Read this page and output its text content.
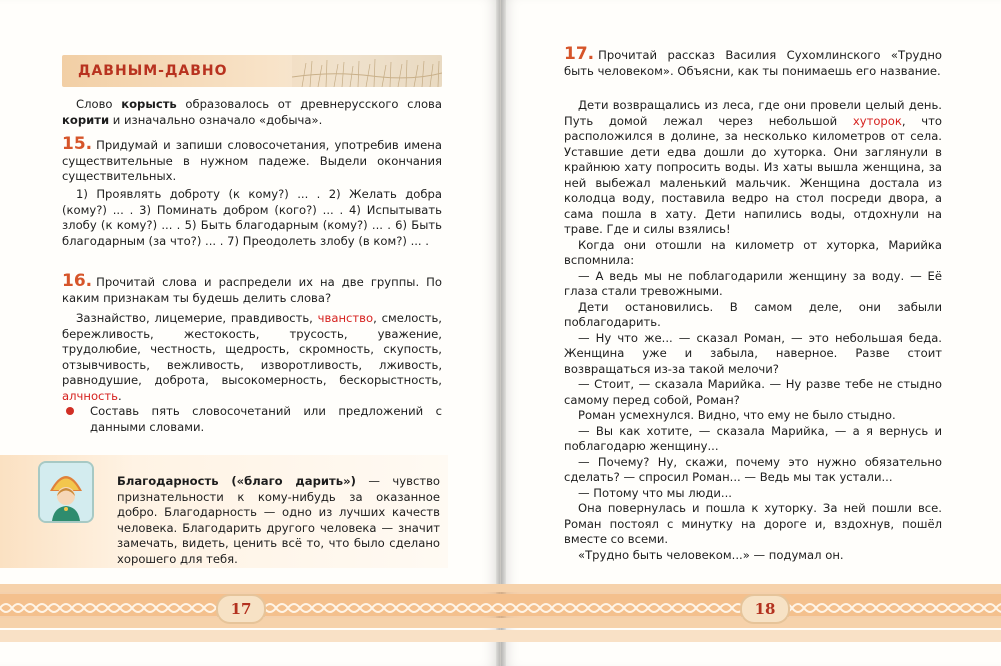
ДАВНЫМ-ДАВНО

Слово корысть образовалось от древнерусского слова корити и изначально означало «добыча».

15. Придумай и запиши словосочетания, употребив имена существительные в нужном падеже. Выдели окончания существительных.

1) Проявлять доброту (к кому?) ... . 2) Желать добра (кому?) ... . 3) Поминать добром (кого?) ... . 4) Испытывать злобу (к кому?) ... . 5) Быть благодарным (кому?) ... . 6) Быть благодарным (за что?) ... . 7) Преодолеть злобу (в ком?) ... .

16. Прочитай слова и распредели их на две группы. По каким признакам ты будешь делить слова?

Зазнайство, лицемерие, правдивость, чванство, смелость, бережливость, жестокость, трусость, уважение, трудолюбие, честность, щедрость, скромность, скупость, отзывчивость, вежливость, изворотливость, лживость, равнодушие, доброта, высокомерность, бескорыстность, алчность.

Составь пять словосочетаний или предложений с данными словами.

Благодарность («благо дарить») — чувство признательности к кому-нибудь за оказанное добро. Благодарность — одно из лучших качеств человека. Благодарить другого человека — значит замечать, видеть, ценить всё то, что было сделано хорошего для тебя.

17. Прочитай рассказ Василия Сухомлинского «Трудно быть человеком». Объясни, как ты понимаешь его название.

Дети возвращались из леса, где они провели целый день. Путь домой лежал через небольшой хуторок, что расположился в долине, за несколько километров от села. Уставшие дети едва дошли до хуторка. Они заглянули в крайнюю хату попросить воды. Из хаты вышла женщина, за ней выбежал маленький мальчик. Женщина достала из колодца воду, поставила ведро на стол посреди двора, а сама пошла в хату. Дети напились воды, отдохнули на траве. Где и силы взялись!

Когда они отошли на километр от хуторка, Марийка вспомнила:

— А ведь мы не поблагодарили женщину за воду. — Её глаза стали тревожными.

Дети остановились. В самом деле, они забыли поблагодарить.

— Ну что же... — сказал Роман, — это небольшая беда. Женщина уже и забыла, наверное. Разве стоит возвращаться из-за такой мелочи?

— Стоит, — сказала Марийка. — Ну разве тебе не стыдно самому перед собой, Роман?

Роман усмехнулся. Видно, что ему не было стыдно.

— Вы как хотите, — сказала Марийка, — а я вернусь и поблагодарю женщину...

— Почему? Ну, скажи, почему это нужно обязательно сделать? — спросил Роман... — Ведь мы так устали...

— Потому что мы люди...

Она повернулась и пошла к хуторку. За ней пошли все. Роман постоял с минутку на дороге и, вздохнув, пошёл вместе со всеми.

«Трудно быть человеком...» — подумал он.

17	18
